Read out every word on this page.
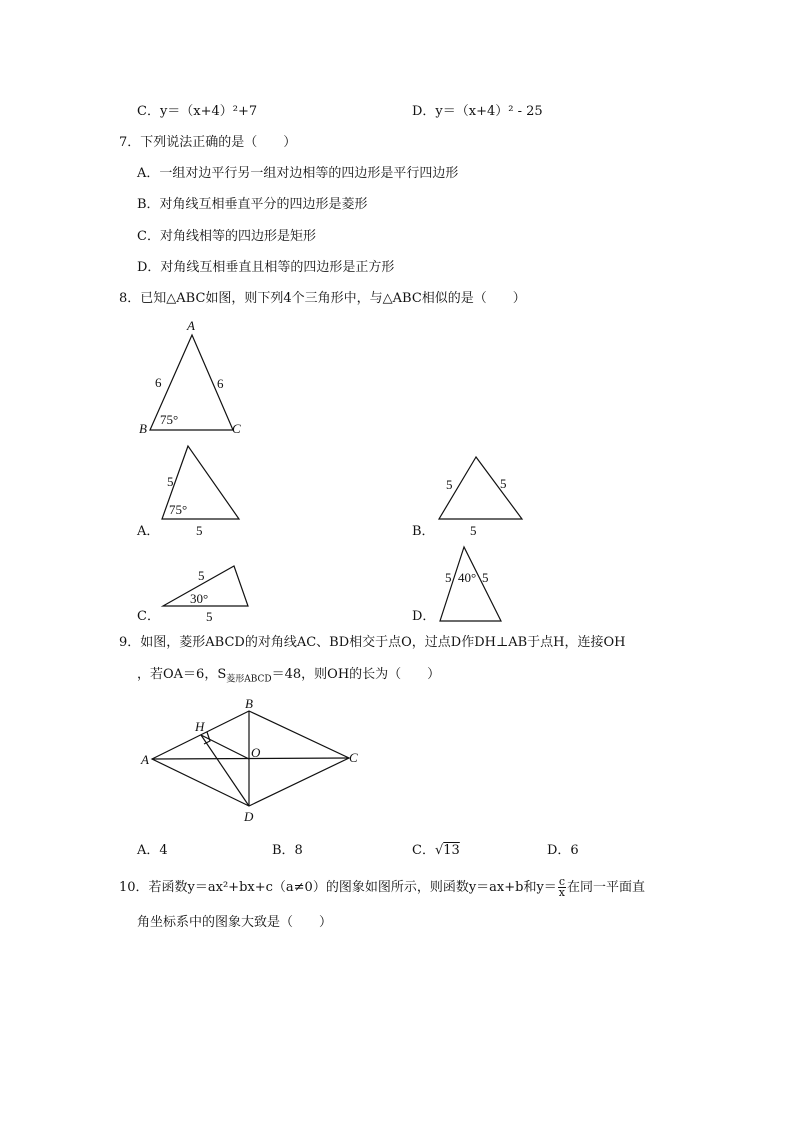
C．y＝（x+4）²+7	D．y＝（x+4）² - 25
7．下列说法正确的是（　　）
A．一组对边平行另一组对边相等的四边形是平行四边形
B．对角线互相垂直平分的四边形是菱形
C．对角线相等的四边形是矩形
D．对角线互相垂直且相等的四边形是正方形
8．已知△ABC如图，则下列4个三角形中，与△ABC相似的是（　　）
A
B	C
6	6
75°
5
75°
5
A．
5	5
5
B．
5
30°
5
C．
5 40° 5
D．
9．如图，菱形ABCD的对角线AC、BD相交于点O，过点D作DH⊥AB于点H，连接OH
，若OA＝6，$S_{菱形ABCD}=48$，则OH的长为（　　）
A
B
C
D
H
O
A．4	B．8	C．√13	D．6
10．若函数y＝ax²+bx+c（a≠0）的图象如图所示，则函数y＝ax+b和$y= \frac{c}{x}$ 在同一平面直
角坐标系中的图象大致是（　　）
